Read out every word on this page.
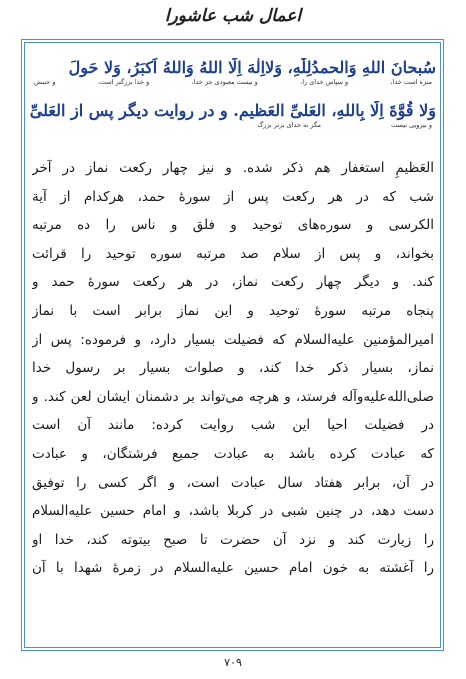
اعمال شب عاشورا
سُبحانَ اللهِ وَالحمدُلِلّٰهِ، وَلااِلٰهَ اِلَّا اللهُ وَاللهُ اَکبَرُ، وَلا حَولَ
منزه است خدا،
و سپاس خدای را،
و نیست معبودی جز خدا،
و خدا بزرگتر است،
و جنبش
وَلا قُوَّةَ اِلّا بِاللهِ، العَلیِّ العَظیمِ. و در روایت دیگر پس از العَلیِّ
و نیرویی نیست
مگر به خدای برتر بزرگ
العَظیمِ استغفار هم ذکر شده. و نیز چهار رکعت نماز در آخر
شب که در هر رکعت پس از سورۀ حمد، هرکدام از آیة
الکرسی و سوره‌های توحید و فلق و ناس را ده مرتبه
بخواند، و پس از سلام صد مرتبه سوره توحید را قرائت
کند. و دیگر چهار رکعت نماز، در هر رکعت سورۀ حمد و
پنجاه مرتبه سورۀ توحید و این نماز برابر است با نماز
امیرالمؤمنین علیه‌السلام که فضیلت بسیار دارد، و فرموده: پس از
نماز، بسیار ذکر خدا کند، و صلوات بسیار بر رسول خدا
صلی‌الله‌علیه‌وآله فرستد، و هرچه می‌تواند بر دشمنان ایشان لعن کند. و
در فضیلت احیا این شب روایت کرده: مانند آن است
که عبادت کرده باشد به عبادت جمیع فرشتگان، و عبادت
در آن، برابر هفتاد سال عبادت است، و اگر کسی را توفیق
دست دهد، در چنین شبی در کربلا باشد، و امام حسین علیه‌السلام
را زیارت کند و نزد آن حضرت تا صبح بیتوته کند، خدا او
را آغشته به خون امام حسین علیه‌السلام در زمرۀ شهدا با آن
۷۰۹
